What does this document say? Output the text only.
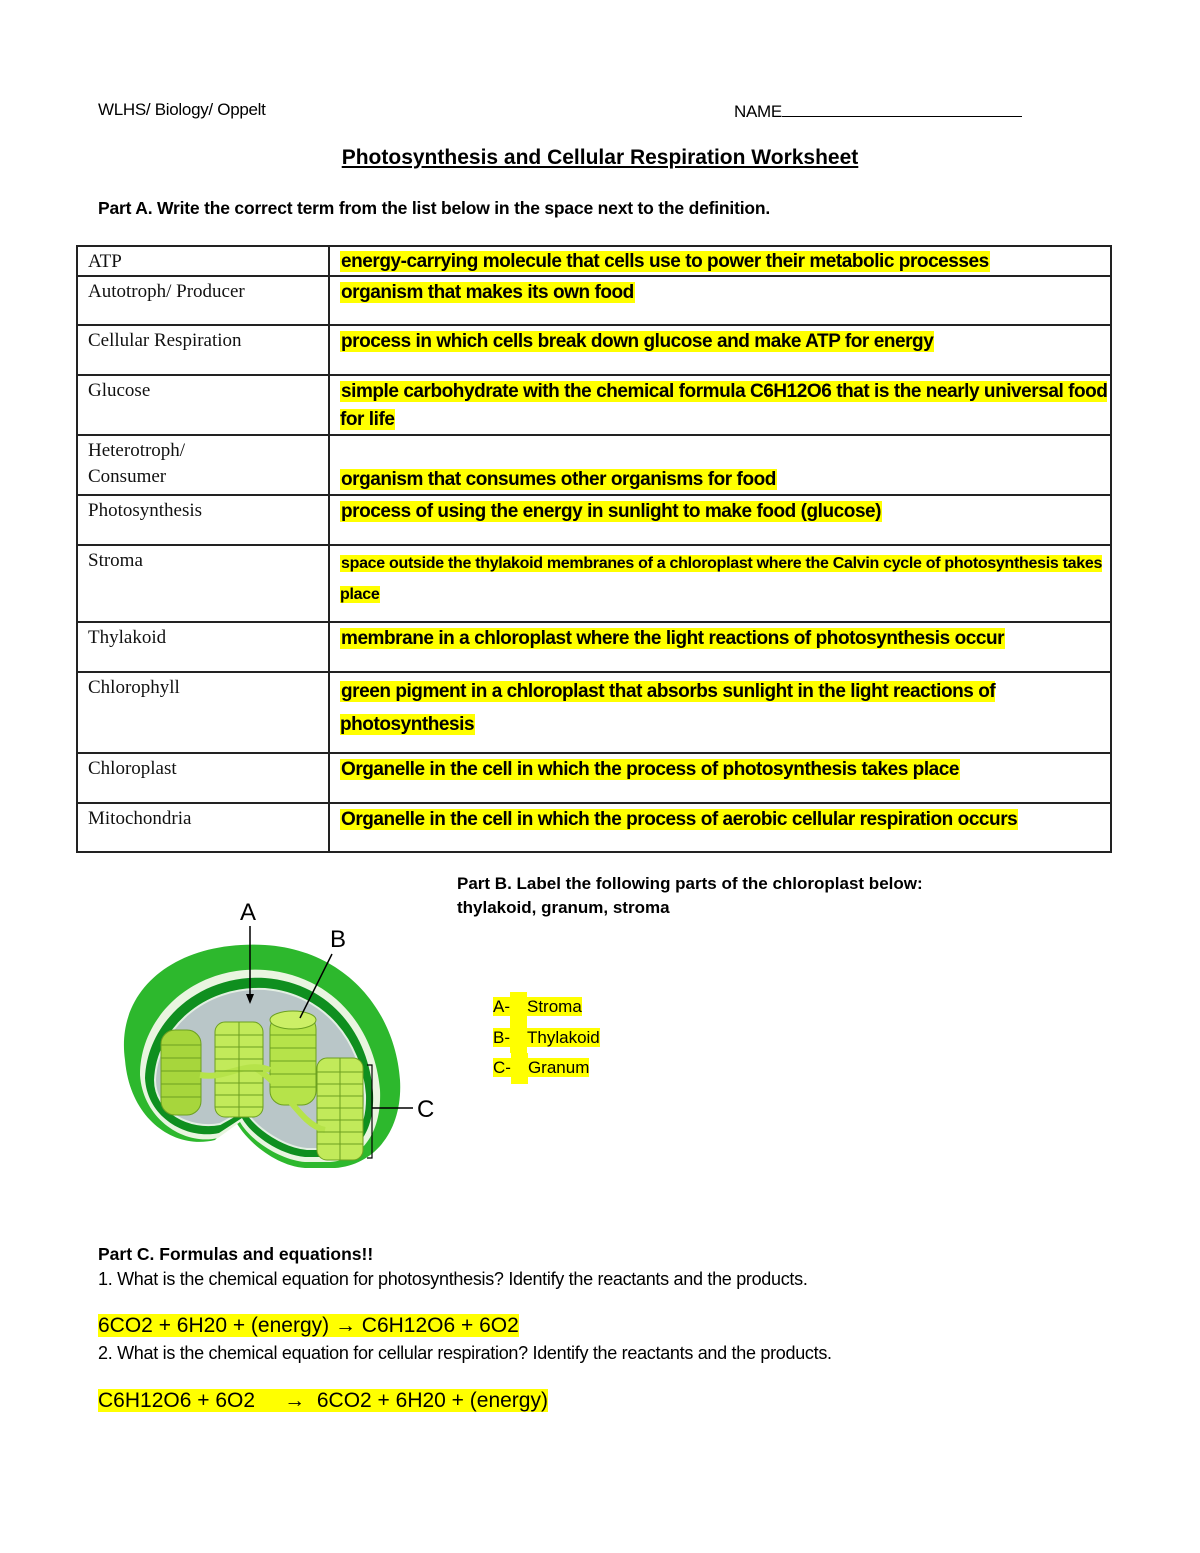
WLHS/ Biology/ Oppelt	NAME
Photosynthesis and Cellular Respiration Worksheet
Part A. Write the correct term from the list below in the space next to the definition.
ATP	energy-carrying molecule that cells use to power their metabolic processes
Autotroph/ Producer	organism that makes its own food
Cellular Respiration	process in which cells break down glucose and make ATP for energy
Glucose	simple carbohydrate with the chemical formula C6H12O6 that is the nearly universal food for life
Heterotroph/ Consumer	organism that consumes other organisms for food
Photosynthesis	process of using the energy in sunlight to make food (glucose)
Stroma	space outside the thylakoid membranes of a chloroplast where the Calvin cycle of photosynthesis takes place
Thylakoid	membrane in a chloroplast where the light reactions of photosynthesis occur
Chlorophyll	green pigment in a chloroplast that absorbs sunlight in the light reactions of photosynthesis
Chloroplast	Organelle in the cell in which the process of photosynthesis takes place
Mitochondria	Organelle in the cell in which the process of aerobic cellular respiration occurs
A
B
C
Part B. Label the following parts of the chloroplast below:
thylakoid, granum, stroma
A- Stroma
B- Thylakoid
C- Granum
Part C. Formulas and equations!!
1. What is the chemical equation for photosynthesis? Identify the reactants and the products.
6CO2 + 6H20 + (energy) → C6H12O6 + 6O2
2. What is the chemical equation for cellular respiration? Identify the reactants and the products.
C6H12O6 + 6O2     →  6CO2 + 6H20 + (energy)
